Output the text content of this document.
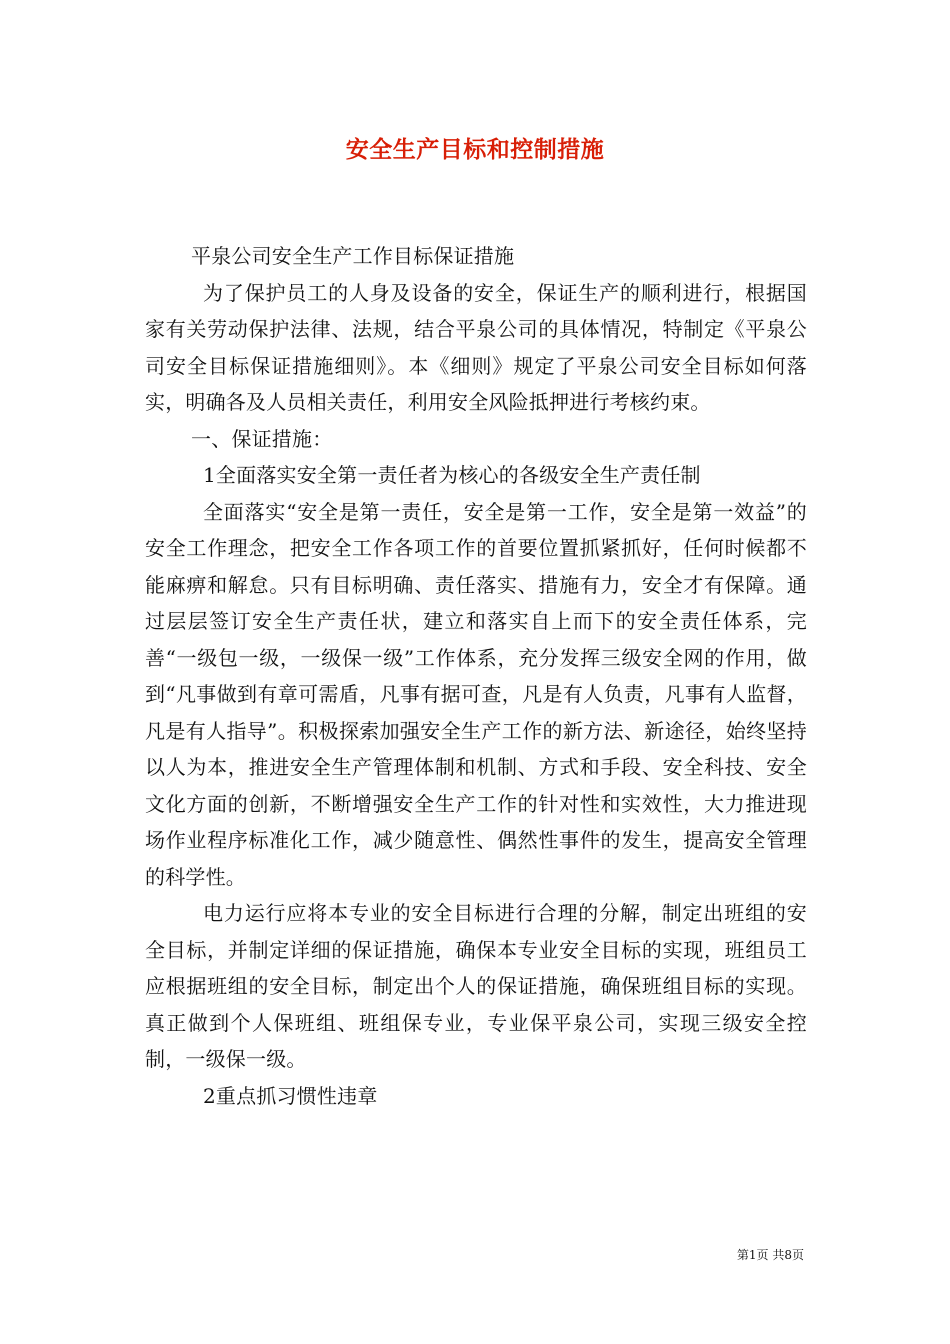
安全生产目标和控制措施

平泉公司安全生产工作目标保证措施

为了保护员工的人身及设备的安全，保证生产的顺利进行，根据国家有关劳动保护法律、法规，结合平泉公司的具体情况，特制定《平泉公司安全目标保证措施细则》。本《细则》规定了平泉公司安全目标如何落实，明确各及人员相关责任，利用安全风险抵押进行考核约束。

一、保证措施：

1全面落实安全第一责任者为核心的各级安全生产责任制

全面落实“安全是第一责任，安全是第一工作，安全是第一效益”的安全工作理念，把安全工作各项工作的首要位置抓紧抓好，任何时候都不能麻痹和解怠。只有目标明确、责任落实、措施有力，安全才有保障。通过层层签订安全生产责任状，建立和落实自上而下的安全责任体系，完善“一级包一级，一级保一级”工作体系，充分发挥三级安全网的作用，做到“凡事做到有章可需盾，凡事有据可查，凡是有人负责，凡事有人监督，凡是有人指导”。积极探索加强安全生产工作的新方法、新途径，始终坚持以人为本，推进安全生产管理体制和机制、方式和手段、安全科技、安全文化方面的创新，不断增强安全生产工作的针对性和实效性，大力推进现场作业程序标准化工作，减少随意性、偶然性事件的发生，提高安全管理的科学性。

电力运行应将本专业的安全目标进行合理的分解，制定出班组的安全目标，并制定详细的保证措施，确保本专业安全目标的实现，班组员工应根据班组的安全目标，制定出个人的保证措施，确保班组目标的实现。真正做到个人保班组、班组保专业，专业保平泉公司，实现三级安全控制，一级保一级。

2重点抓习惯性违章

第1页 共8页
